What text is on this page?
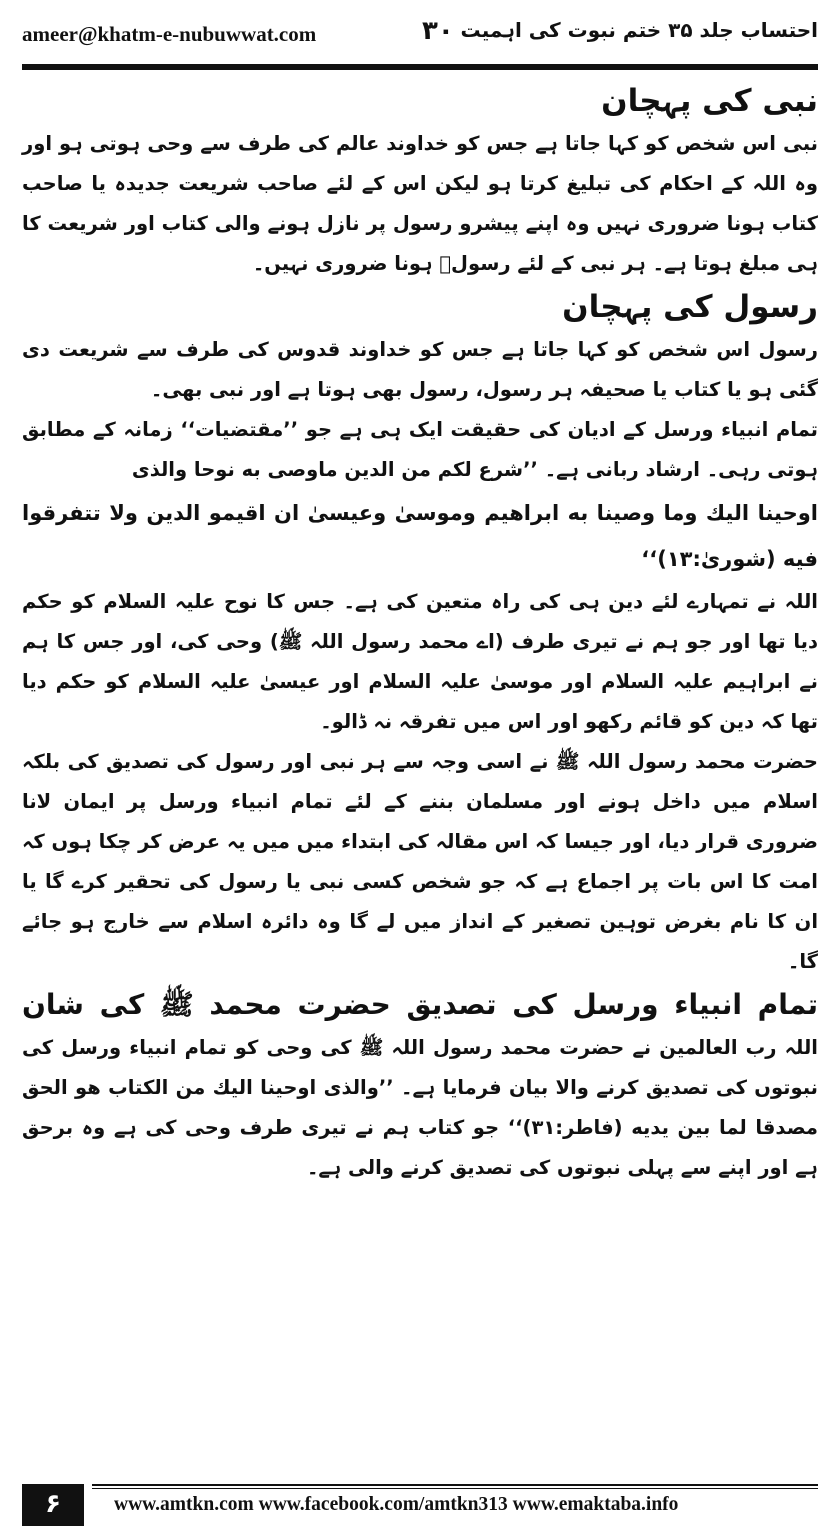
ameer@khatm-e-nubuwwat.com	۳۰ احتساب جلد ۳۵ ختم نبوت کی اہمیت
نبی کی پہچان

نبی اس شخص کو کہا جاتا ہے جس کو خداوند عالم کی طرف سے وحی ہوتی ہو اور وہ اللہ کے احکام کی تبلیغ کرتا ہو لیکن اس کے لئے صاحب شریعت جدیدہ یا صاحب کتاب ہونا ضروری نہیں وہ اپنے پیشرو رسول پر نازل ہونے والی کتاب اور شریعت کا ہی مبلغ ہوتا ہے۔ ہر نبی کے لئے رسولؐ ہونا ضروری نہیں۔

رسول کی پہچان

رسول اس شخص کو کہا جاتا ہے جس کو خداوند قدوس کی طرف سے شریعت دی گئی ہو یا کتاب یا صحیفہ ہر رسول، رسول بھی ہوتا ہے اور نبی بھی۔

تمام انبیاء ورسل کے ادیان کی حقیقت ایک ہی ہے جو ’’مقتضیات‘‘ زمانہ کے مطابق ہوتی رہی۔ ارشاد ربانی ہے۔ ’’شرع لکم من الدین ماوصی به نوحا والذی

اوحینا الیك وما وصینا به ابراهیم وموسیٰ وعیسیٰ ان اقیمو الدین ولا تتفرقوا فیه (شوریٰ:۱۳)‘‘

اللہ نے تمہارے لئے دین ہی کی راہ متعین کی ہے۔ جس کا نوح علیہ السلام کو حکم دیا تھا اور جو ہم نے تیری طرف (اے محمد رسول اللہ ﷺ) وحی کی، اور جس کا ہم نے ابراہیم علیہ السلام اور موسیٰ علیہ السلام اور عیسیٰ علیہ السلام کو حکم دیا تھا کہ دین کو قائم رکھو اور اس میں تفرقہ نہ ڈالو۔

حضرت محمد رسول اللہ ﷺ نے اسی وجہ سے ہر نبی اور رسول کی تصدیق کی بلکہ اسلام میں داخل ہونے اور مسلمان بننے کے لئے تمام انبیاء ورسل پر ایمان لانا ضروری قرار دیا، اور جیسا کہ اس مقالہ کی ابتداء میں میں یہ عرض کر چکا ہوں کہ امت کا اس بات پر اجماع ہے کہ جو شخص کسی نبی یا رسول کی تحقیر کرے گا یا ان کا نام بغرض توہین تصغیر کے انداز میں لے گا وہ دائرہ اسلام سے خارج ہو جائے گا۔

تمام انبیاء ورسل کی تصدیق حضرت محمد ﷺ کی شان

اللہ رب العالمین نے حضرت محمد رسول اللہ ﷺ کی وحی کو تمام انبیاء ورسل کی نبوتوں کی تصدیق کرنے والا بیان فرمایا ہے۔ ’’والذی اوحینا الیك من الکتاب هو الحق مصدقا لما بین یدیه (فاطر:۳۱)‘‘ جو کتاب ہم نے تیری طرف وحی کی ہے وہ برحق ہے اور اپنے سے پہلی نبوتوں کی تصدیق کرنے والی ہے۔

۶	www.amtkn.com www.facebook.com/amtkn313 www.emaktaba.info
